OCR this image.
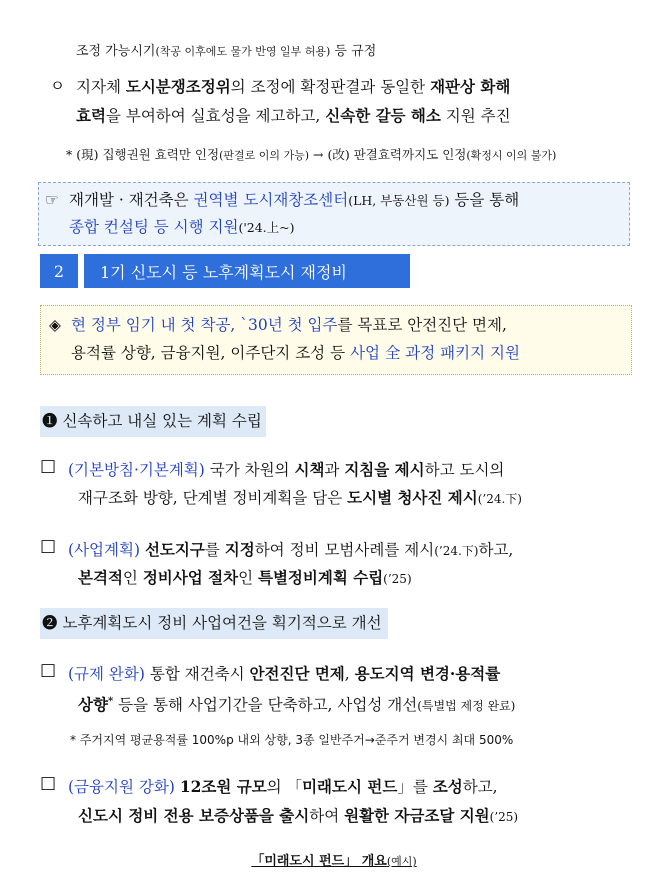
조정 가능시기(착공 이후에도 물가 반영 일부 허용) 등 규정
ㅇ 지자체 도시분쟁조정위의 조정에 확정판결과 동일한 재판상 화해
효력을 부여하여 실효성을 제고하고, 신속한 갈등 해소 지원 추진
* (現) 집행권원 효력만 인정(판결로 이의 가능) → (改) 판결효력까지도 인정(확정시 이의 불가)
☞ 재개발 · 재건축은 권역별 도시재창조센터(LH, 부동산원 등) 등을 통해
종합 컨설팅 등 시행 지원('24.上~)
2 1기 신도시 등 노후계획도시 재정비
◈ 현 정부 임기 내 첫 착공, `30년 첫 입주를 목표로 안전진단 면제,
용적률 상향, 금융지원, 이주단지 조성 등 사업 全 과정 패키지 지원
❶ 신속하고 내실 있는 계획 수립
□ (기본방침·기본계획) 국가 차원의 시책과 지침을 제시하고 도시의
재구조화 방향, 단계별 정비계획을 담은 도시별 청사진 제시(’24.下)
□ (사업계획) 선도지구를 지정하여 정비 모범사례를 제시(’24.下)하고,
본격적인 정비사업 절차인 특별정비계획 수립(’25)
❷ 노후계획도시 정비 사업여건을 획기적으로 개선
□ (규제 완화) 통합 재건축시 안전진단 면제, 용도지역 변경·용적률
상향* 등을 통해 사업기간을 단축하고, 사업성 개선(특별법 제정 완료)
* 주거지역 평균용적률 100%p 내외 상향, 3종 일반주거→준주거 변경시 최대 500%
□ (금융지원 강화) 12조원 규모의 「미래도시 펀드」를 조성하고,
신도시 정비 전용 보증상품을 출시하여 원활한 자금조달 지원(’25)
「미래도시 펀드」 개요(예시)
